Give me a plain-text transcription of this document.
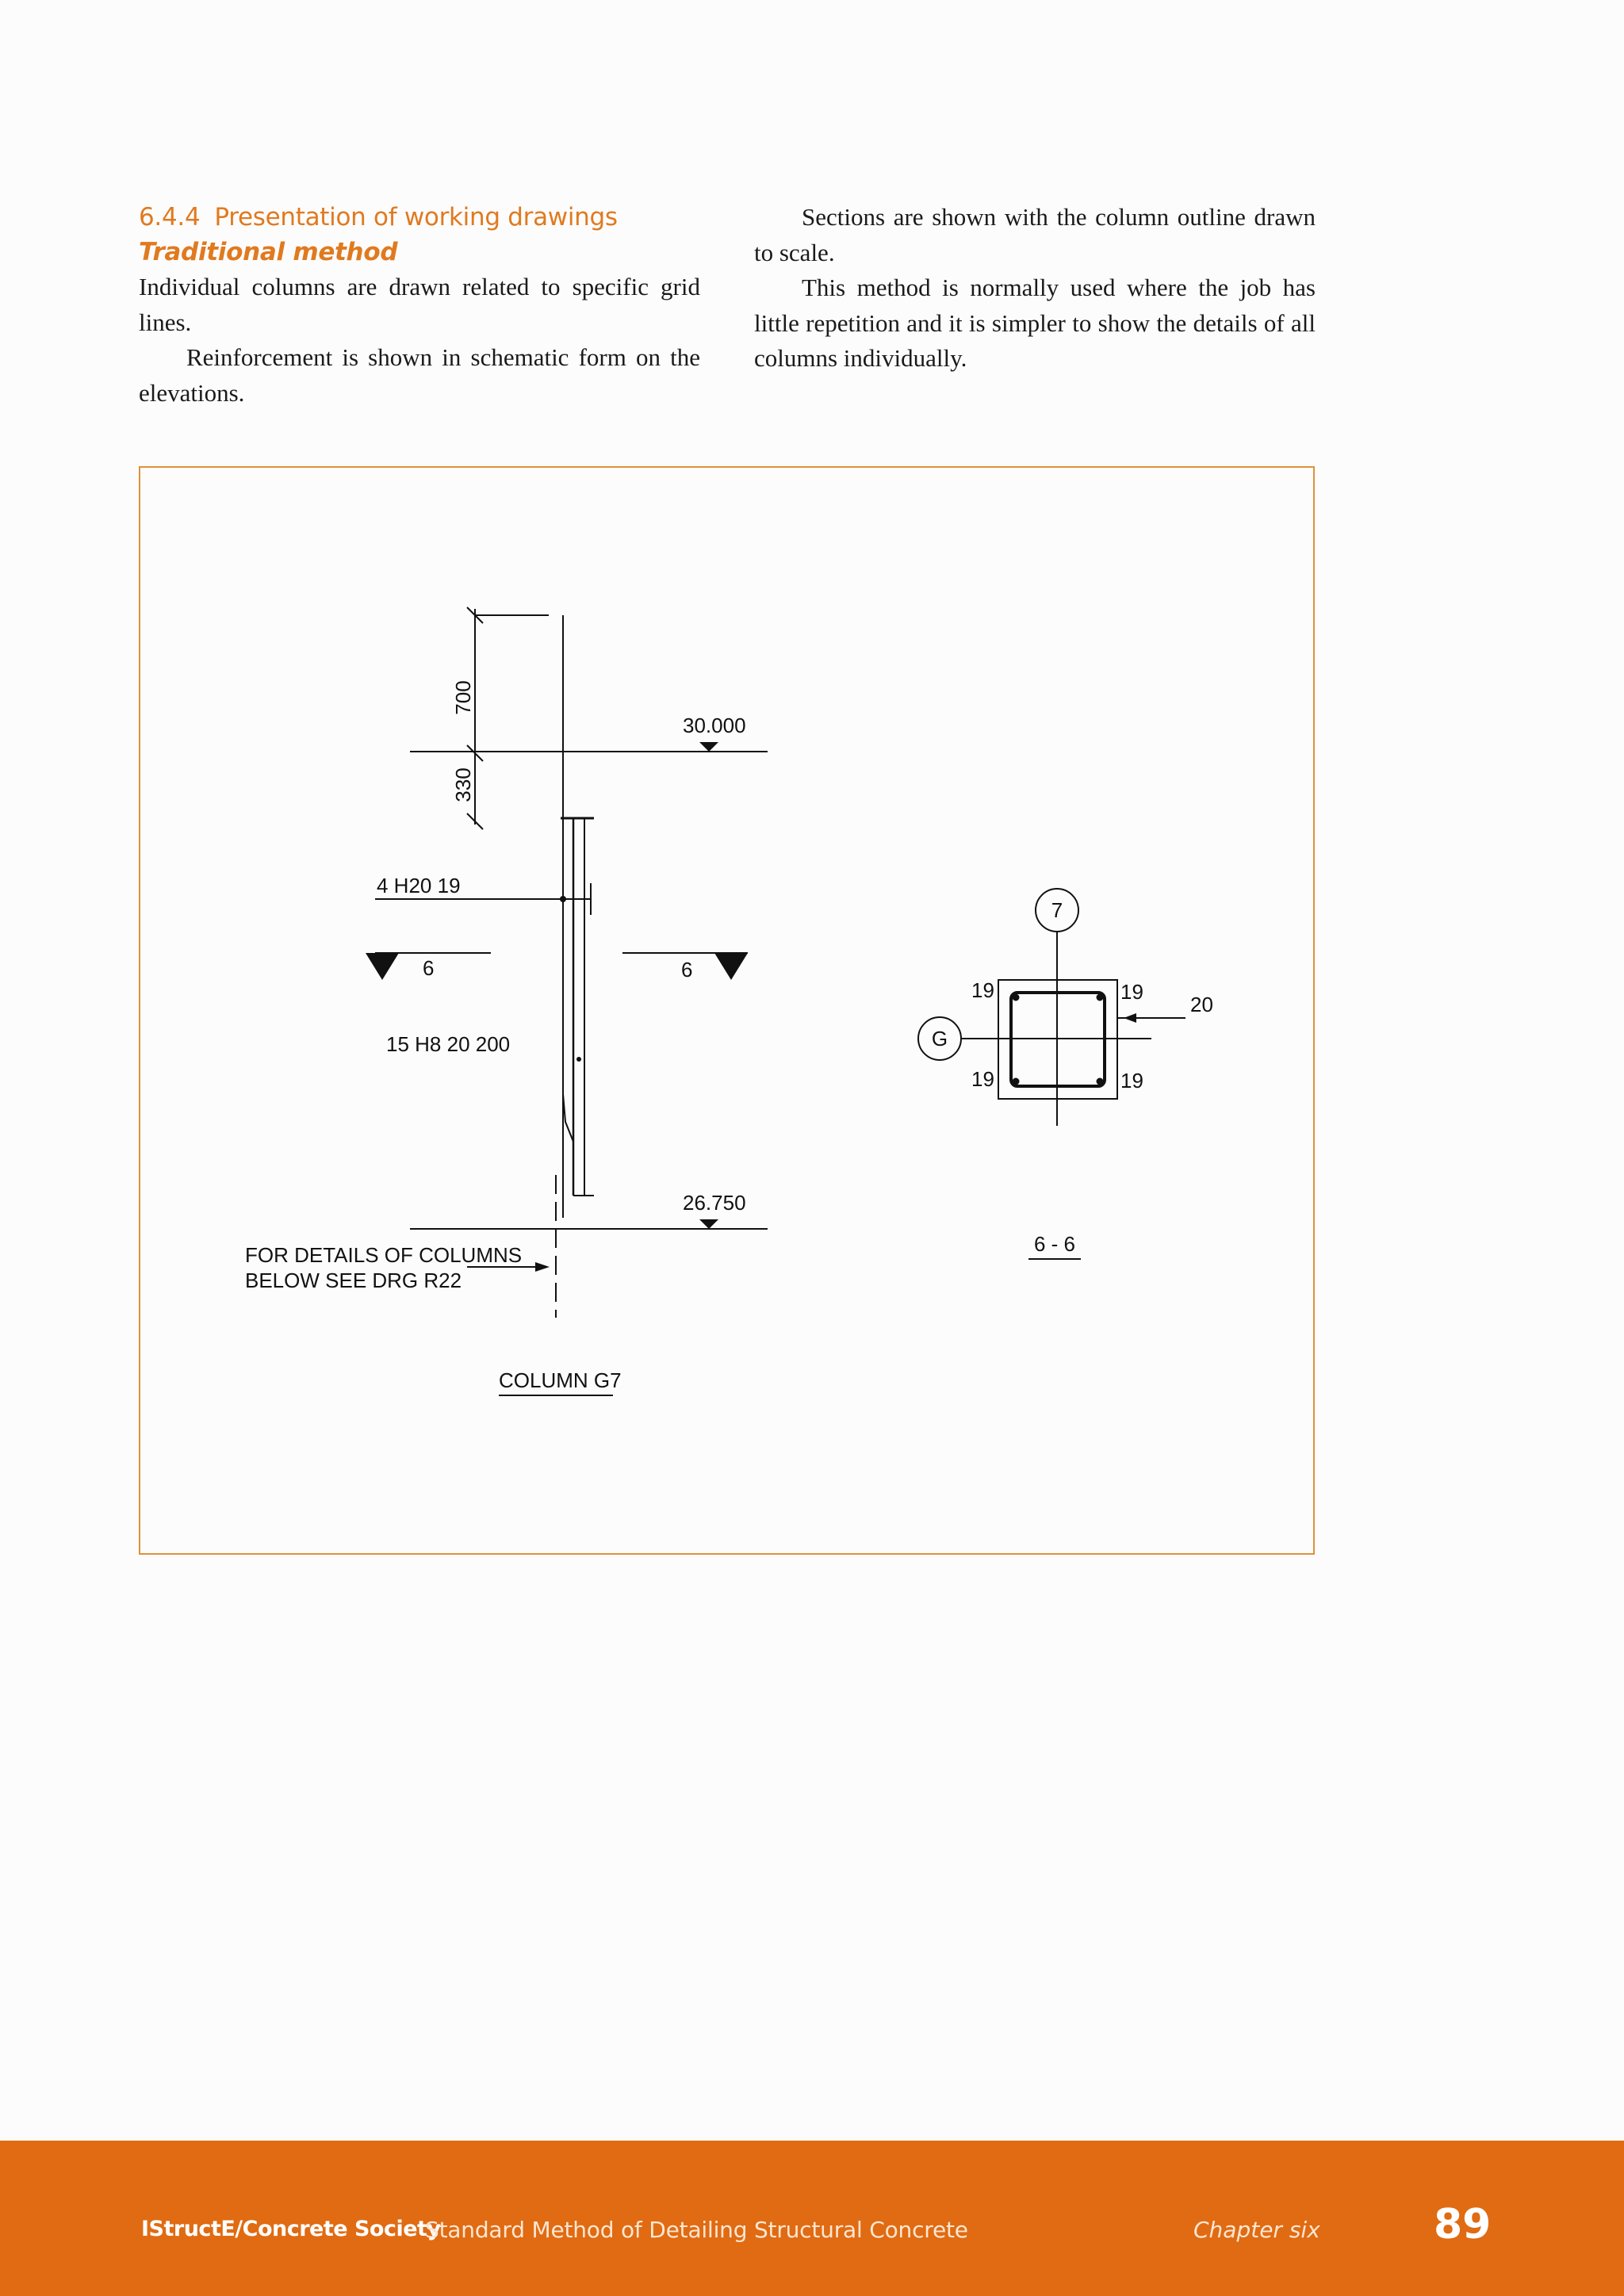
6.4.4 Presentation of working drawings
Traditional method

Individual columns are drawn related to specific grid lines.

Reinforcement is shown in schematic form on the elevations.

Sections are shown with the column outline drawn to scale.

This method is normally used where the job has little repetition and it is simpler to show the details of all columns individually.

700
330
30.000
26.750
4 H20 19
6	6
15 H8 20 200
FOR DETAILS OF COLUMNS
BELOW SEE DRG R22
COLUMN G7
7
G
19	19
19	19
20
6 - 6
IStructE/Concrete Society
Standard Method of Detailing Structural Concrete	Chapter six	89
